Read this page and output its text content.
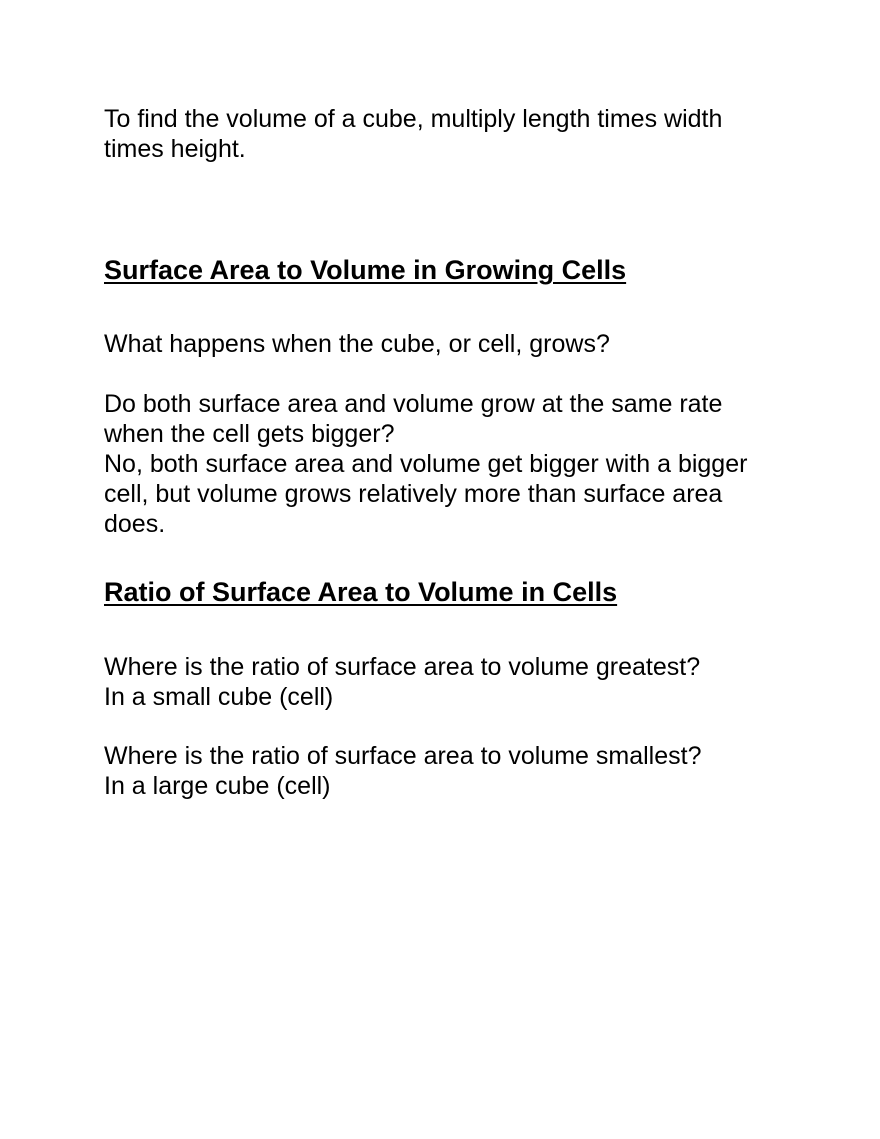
To find the volume of a cube, multiply length times width times height.

Surface Area to Volume in Growing Cells

What happens when the cube, or cell, grows?

Do both surface area and volume grow at the same rate when the cell gets bigger?

No, both surface area and volume get bigger with a bigger cell, but volume grows relatively more than surface area does.

Ratio of Surface Area to Volume in Cells

Where is the ratio of surface area to volume greatest?

In a small cube (cell)

Where is the ratio of surface area to volume smallest?

In a large cube (cell)
